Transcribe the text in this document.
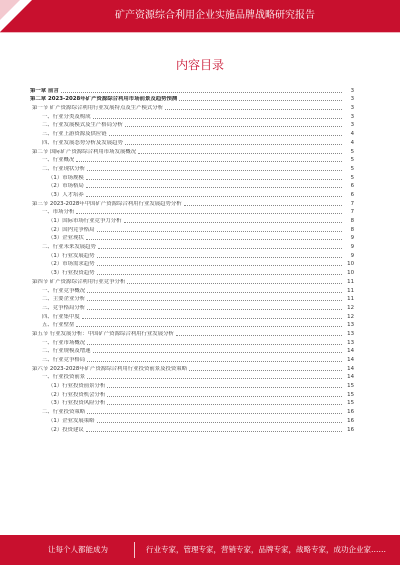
矿产资源综合利用企业实施品牌战略研究报告
内容目录
第一章 前言	3
第二章 2023-2028年矿产资源综合利用市场前景及趋势预测	3
第一节 矿产资源综合利用行业发展特点及生产模式分析	3
一、行业分类及构成	3
二、行业发展模式及生产格局分析	3
三、行业上游资源及供应链	4
四、行业发展态势分析及发展趋势	4
第二节 国际矿产资源综合利用市场发展概况	5
一、行业概况	5
二、行业现状分析	5
（1）市场规模	5
（2）市场格局	6
（3）人才培养	6
第三节 2023-2028年中国矿产资源综合利用行业发展趋势分析	7
一、市场分析	7
（1）国际市场行业竞争力分析	8
（2）国内竞争格局	8
（3）企业现状	9
二、行业未来发展趋势	9
（1）行业发展趋势	9
（2）市场需求趋势	10
（3）行业投资趋势	10
第四节 矿产资源综合利用行业竞争分析	11
一、行业竞争概况	11
二、主要企业分析	11
三、竞争格局分析	12
四、行业集中度	12
五、行业壁垒	13
第五节 行业发展分析：中国矿产资源综合利用行业发展分析	13
一、行业市场概况	13
二、行业规模及增速	14
三、行业竞争格局	14
第六节 2023-2028年矿产资源综合利用行业投资前景及投资策略	14
一、行业投资前景	14
（1）行业投资前景分析	15
（2）行业投资机会分析	15
（3）行业投资风险分析	15
二、行业投资策略	16
（1）企业发展策略	16
（2）投资建议	16
让每个人都能成为	行业专家，管理专家，营销专家，品牌专家，战略专家，成功企业家……
